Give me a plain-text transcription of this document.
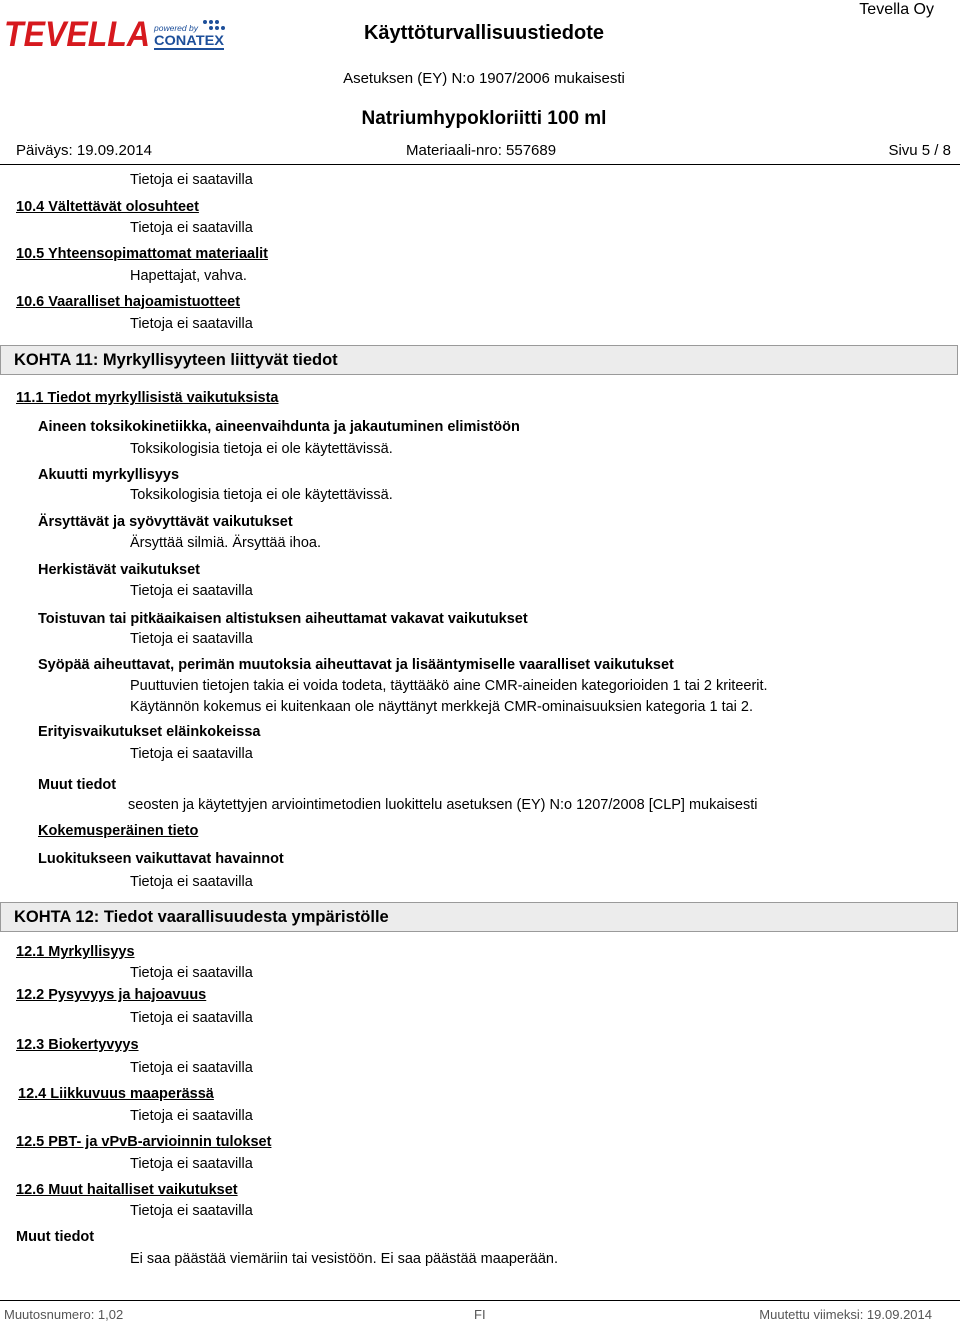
TEVELLA powered by
CONATEX
Tevella Oy
Käyttöturvallisuustiedote
Asetuksen (EY) N:o 1907/2006 mukaisesti
Natriumhypokloriitti 100 ml
Päiväys: 19.09.2014	Materiaali-nro: 557689	Sivu 5 / 8
KOHTA 11: Myrkyllisyyteen liittyvät tiedot
KOHTA 12: Tiedot vaarallisuudesta ympäristölle
Tietoja ei saatavilla
10.4 Vältettävät olosuhteet
Tietoja ei saatavilla
10.5 Yhteensopimattomat materiaalit
Hapettajat, vahva.
10.6 Vaaralliset hajoamistuotteet
Tietoja ei saatavilla
11.1 Tiedot myrkyllisistä vaikutuksista
Aineen toksikokinetiikka, aineenvaihdunta ja jakautuminen elimistöön
Toksikologisia tietoja ei ole käytettävissä.
Akuutti myrkyllisyys
Toksikologisia tietoja ei ole käytettävissä.
Ärsyttävät ja syövyttävät vaikutukset
Ärsyttää silmiä. Ärsyttää ihoa.
Herkistävät vaikutukset
Tietoja ei saatavilla
Toistuvan tai pitkäaikaisen altistuksen aiheuttamat vakavat vaikutukset
Tietoja ei saatavilla
Syöpää aiheuttavat, perimän muutoksia aiheuttavat ja lisääntymiselle vaaralliset vaikutukset
Puuttuvien tietojen takia ei voida todeta, täyttääkö aine CMR-aineiden kategorioiden 1 tai 2 kriteerit.
Käytännön kokemus ei kuitenkaan ole näyttänyt merkkejä CMR-ominaisuuksien kategoria 1 tai 2.
Erityisvaikutukset eläinkokeissa
Tietoja ei saatavilla
Muut tiedot
seosten ja käytettyjen arviointimetodien luokittelu asetuksen (EY) N:o 1207/2008 [CLP] mukaisesti
Kokemusperäinen tieto
Luokitukseen vaikuttavat havainnot
Tietoja ei saatavilla
12.1 Myrkyllisyys
Tietoja ei saatavilla
12.2 Pysyvyys ja hajoavuus
Tietoja ei saatavilla
12.3 Biokertyvyys
Tietoja ei saatavilla
12.4 Liikkuvuus maaperässä
Tietoja ei saatavilla
12.5 PBT- ja vPvB-arvioinnin tulokset
Tietoja ei saatavilla
12.6 Muut haitalliset vaikutukset
Tietoja ei saatavilla
Muut tiedot
Ei saa päästää viemäriin tai vesistöön. Ei saa päästää maaperään.
Muutosnumero: 1,02	FI	Muutettu viimeksi: 19.09.2014
